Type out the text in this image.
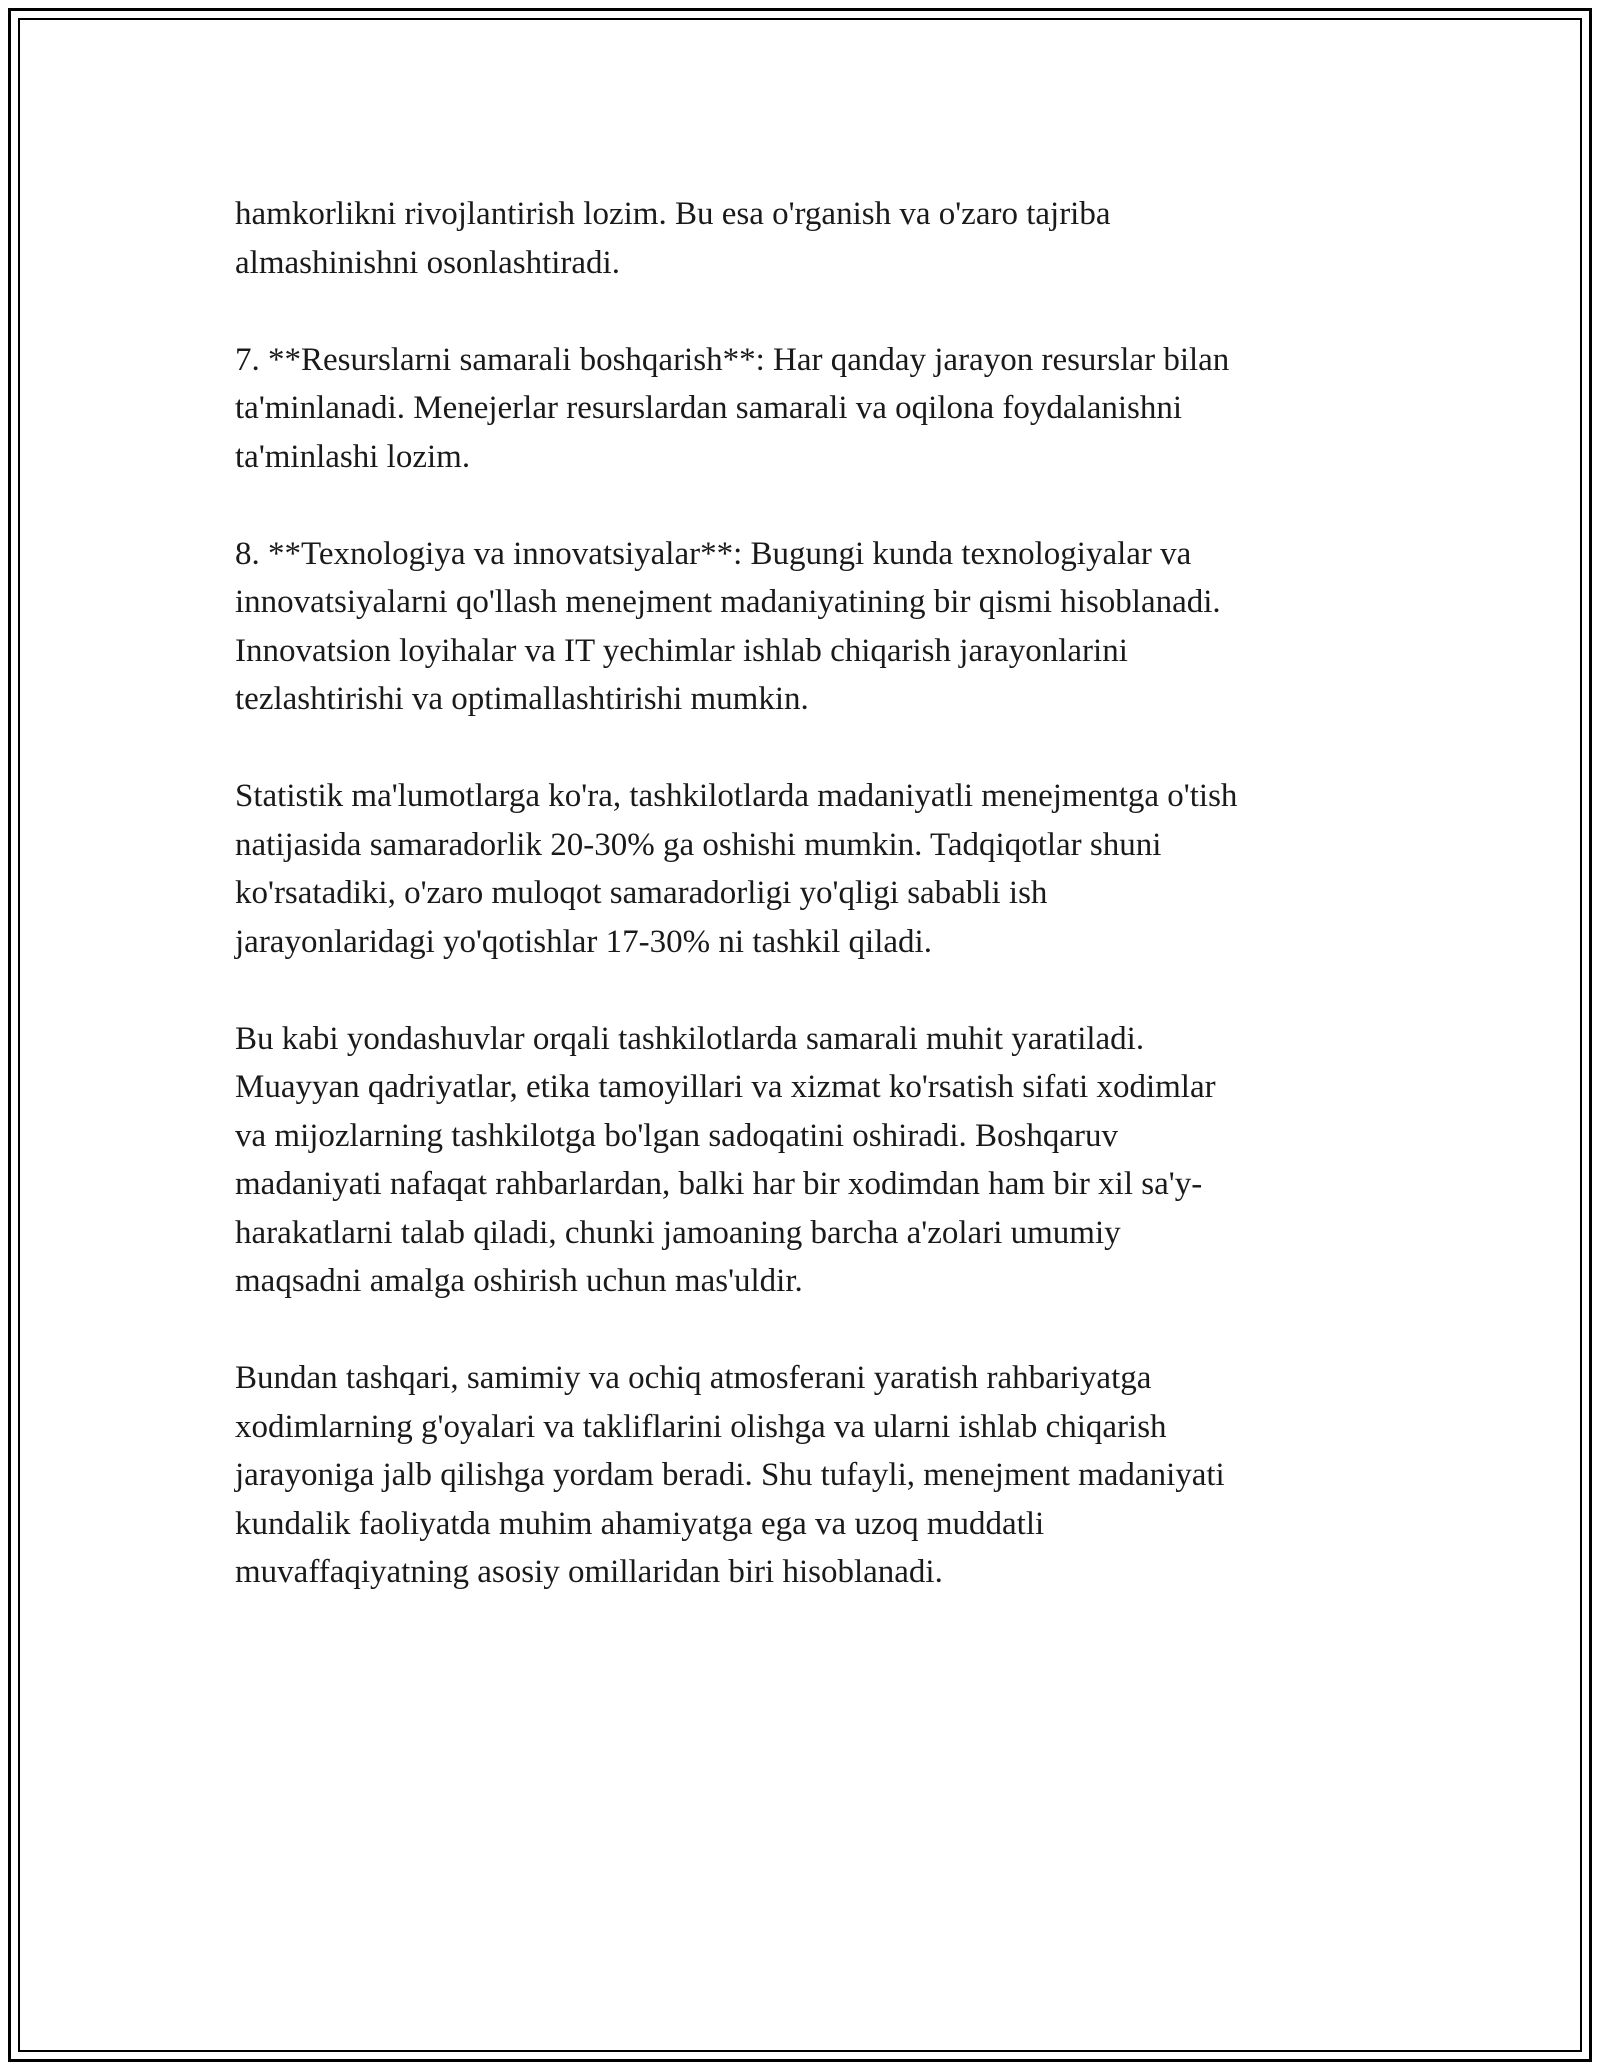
hamkorlikni rivojlantirish lozim. Bu esa o'rganish va o'zaro tajriba
almashinishni osonlashtiradi.

7. **Resurslarni samarali boshqarish**: Har qanday jarayon resurslar bilan
ta'minlanadi. Menejerlar resurslardan samarali va oqilona foydalanishni
ta'minlashi lozim.

8. **Texnologiya va innovatsiyalar**: Bugungi kunda texnologiyalar va
innovatsiyalarni qo'llash menejment madaniyatining bir qismi hisoblanadi.
Innovatsion loyihalar va IT yechimlar ishlab chiqarish jarayonlarini
tezlashtirishi va optimallashtirishi mumkin.

Statistik ma'lumotlarga ko'ra, tashkilotlarda madaniyatli menejmentga o'tish
natijasida samaradorlik 20-30% ga oshishi mumkin. Tadqiqotlar shuni
ko'rsatadiki, o'zaro muloqot samaradorligi yo'qligi sababli ish
jarayonlaridagi yo'qotishlar 17-30% ni tashkil qiladi.

Bu kabi yondashuvlar orqali tashkilotlarda samarali muhit yaratiladi.
Muayyan qadriyatlar, etika tamoyillari va xizmat ko'rsatish sifati xodimlar
va mijozlarning tashkilotga bo'lgan sadoqatini oshiradi. Boshqaruv
madaniyati nafaqat rahbarlardan, balki har bir xodimdan ham bir xil sa'y-
harakatlarni talab qiladi, chunki jamoaning barcha a'zolari umumiy
maqsadni amalga oshirish uchun mas'uldir.

Bundan tashqari, samimiy va ochiq atmosferani yaratish rahbariyatga
xodimlarning g'oyalari va takliflarini olishga va ularni ishlab chiqarish
jarayoniga jalb qilishga yordam beradi. Shu tufayli, menejment madaniyati
kundalik faoliyatda muhim ahamiyatga ega va uzoq muddatli
muvaffaqiyatning asosiy omillaridan biri hisoblanadi.
